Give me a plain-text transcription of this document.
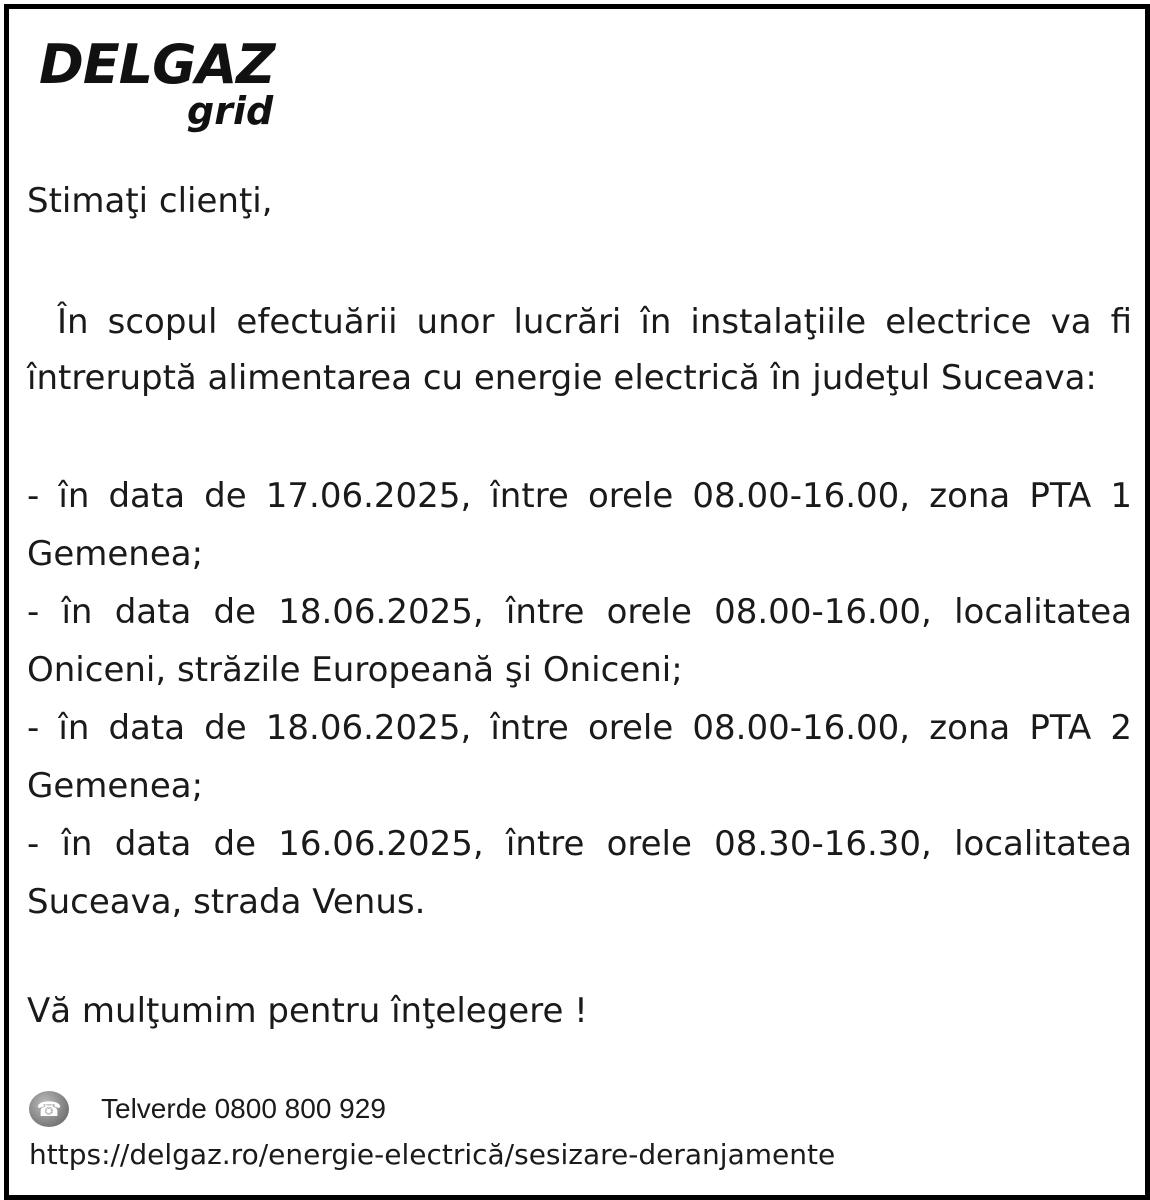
DELGAZ
grid
Stimaţi clienţi,
În scopul efectuării unor lucrări în instalaţiile electrice va fi întreruptă alimentarea cu energie electrică în judeţul Suceava:

- în data de 17.06.2025, între orele 08.00-16.00, zona PTA 1 Gemenea;

- în data de 18.06.2025, între orele 08.00-16.00, localitatea Oniceni, străzile Europeană şi Oniceni;

- în data de 18.06.2025, între orele 08.00-16.00, zona PTA 2 Gemenea;

- în data de 16.06.2025, între orele 08.30-16.30, localitatea Suceava, strada Venus.

Vă mulţumim pentru înţelegere !
☎ Telverde 0800 800 929
https://delgaz.ro/energie-electrică/sesizare-deranjamente
